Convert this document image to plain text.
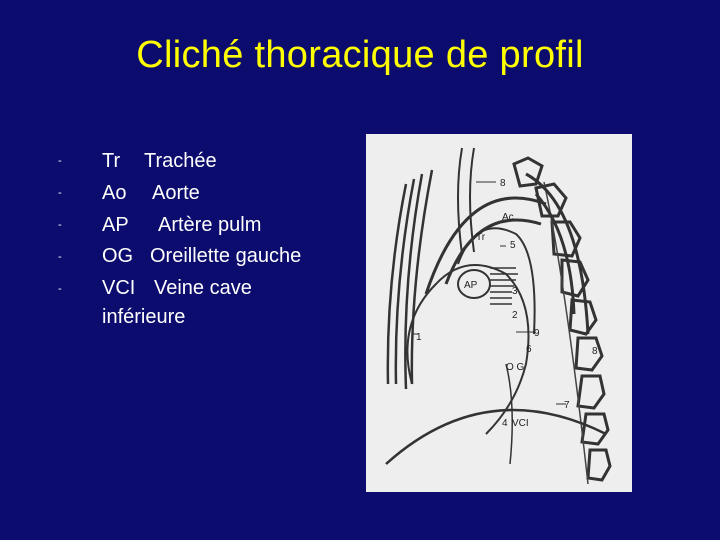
Cliché thoracique de profil
- Tr Trachée
- Ao Aorte
- AP Artère pulm
- OG Oreillette gauche
- VCI Veine cave inférieure
8
Ac
Tr
5
AP
3
2
1	9
6	8
O G
7
4 VCI
